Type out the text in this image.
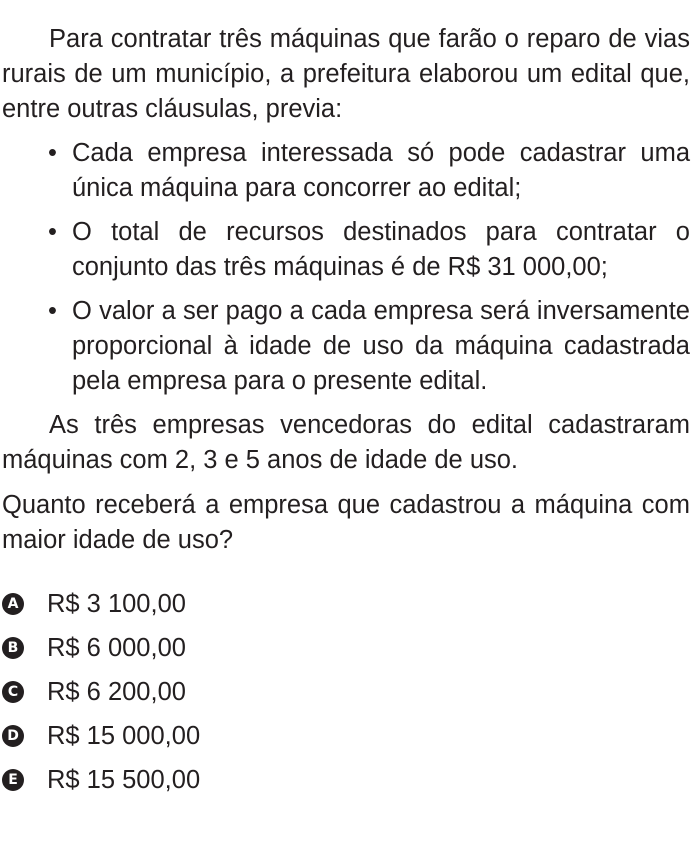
Para contratar três máquinas que farão o reparo de vias rurais de um município, a prefeitura elaborou um edital que, entre outras cláusulas, previa:

• Cada empresa interessada só pode cadastrar uma única máquina para concorrer ao edital;
• O total de recursos destinados para contratar o conjunto das três máquinas é de R$ 31 000,00;
• O valor a ser pago a cada empresa será inversamente proporcional à idade de uso da máquina cadastrada pela empresa para o presente edital.

As três empresas vencedoras do edital cadastraram máquinas com 2, 3 e 5 anos de idade de uso.

Quanto receberá a empresa que cadastrou a máquina com maior idade de uso?

A R$ 3 100,00
B R$ 6 000,00
C R$ 6 200,00
D R$ 15 000,00
E R$ 15 500,00
